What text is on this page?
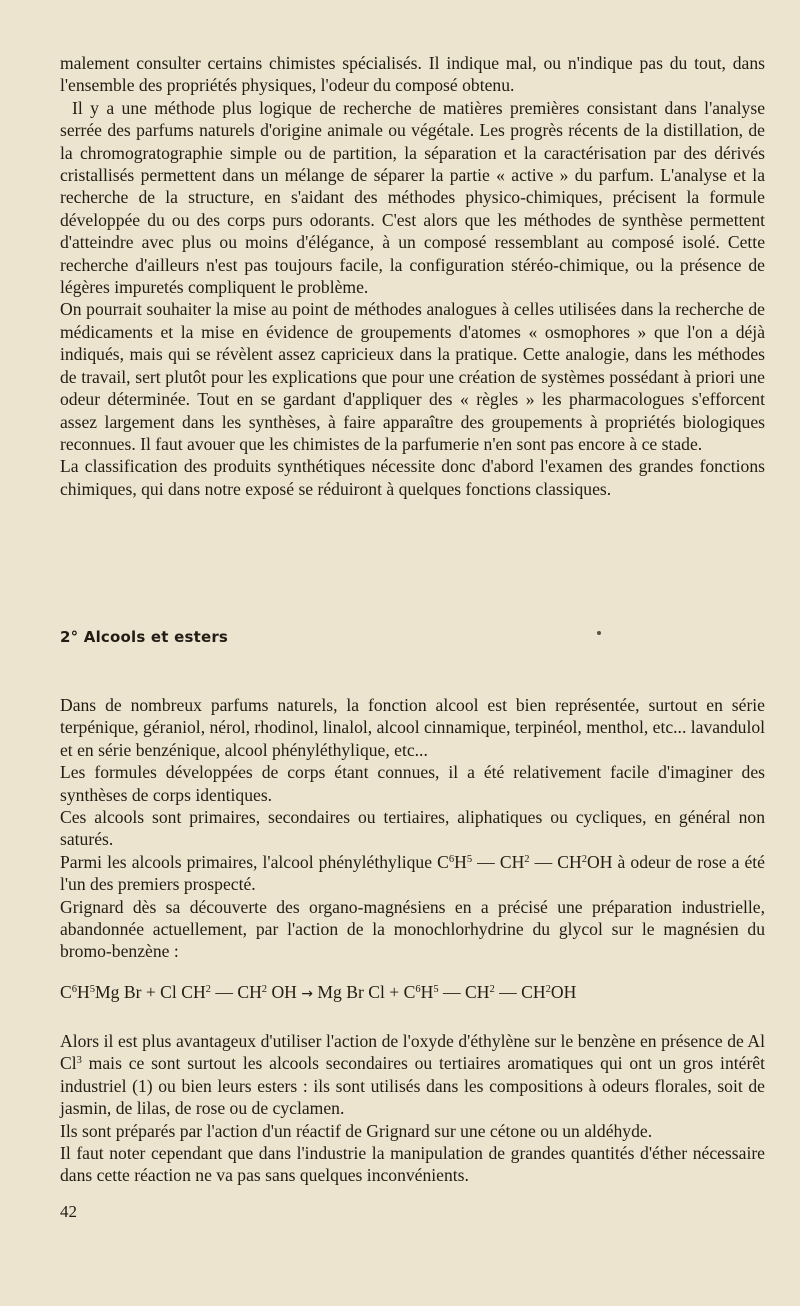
malement consulter certains chimistes spécialisés. Il indique mal, ou n'indique pas du tout, dans l'ensemble des propriétés physiques, l'odeur du composé obtenu.

Il y a une méthode plus logique de recherche de matières premières consistant dans l'analyse serrée des parfums naturels d'origine animale ou végétale. Les progrès récents de la distillation, de la chromogratographie simple ou de partition, la séparation et la caractérisation par des dérivés cristallisés permettent dans un mélange de séparer la partie « active » du parfum. L'analyse et la recherche de la structure, en s'aidant des méthodes physico-chimiques, précisent la formule développée du ou des corps purs odorants. C'est alors que les méthodes de synthèse permettent d'atteindre avec plus ou moins d'élégance, à un composé ressemblant au composé isolé. Cette recherche d'ailleurs n'est pas toujours facile, la configuration stéréo-chimique, ou la présence de légères impuretés compliquent le problème.

On pourrait souhaiter la mise au point de méthodes analogues à celles utilisées dans la recherche de médicaments et la mise en évidence de groupements d'atomes « osmophores » que l'on a déjà indiqués, mais qui se révèlent assez capricieux dans la pratique. Cette analogie, dans les méthodes de travail, sert plutôt pour les explications que pour une création de systèmes possédant à priori une odeur déterminée. Tout en se gardant d'appliquer des « règles » les pharmacologues s'efforcent assez largement dans les synthèses, à faire apparaître des groupements à propriétés biologiques reconnues. Il faut avouer que les chimistes de la parfumerie n'en sont pas encore à ce stade.

La classification des produits synthétiques nécessite donc d'abord l'examen des grandes fonctions chimiques, qui dans notre exposé se réduiront à quelques fonctions classiques.

2° Alcools et esters

Dans de nombreux parfums naturels, la fonction alcool est bien représentée, surtout en série terpénique, géraniol, nérol, rhodinol, linalol, alcool cinnamique, terpinéol, menthol, etc... lavandulol et en série benzénique, alcool phényléthylique, etc...

Les formules développées de corps étant connues, il a été relativement facile d'imaginer des synthèses de corps identiques.

Ces alcools sont primaires, secondaires ou tertiaires, aliphatiques ou cycliques, en général non saturés.

Parmi les alcools primaires, l'alcool phényléthylique $C^6H^5$ — $CH^2$ — $CH^2OH$ à odeur de rose a été l'un des premiers prospecté.

Grignard dès sa découverte des organo-magnésiens en a précisé une préparation industrielle, abandonnée actuellement, par l'action de la monochlorhydrine du glycol sur le magnésien du bromo-benzène :

$C^6H^5Mg$ Br + Cl $CH^2$ — $CH^2$ OH → Mg Br $Cl + C^6H^5$ — $CH^2$ — $CH^2OH$

Alors il est plus avantageux d'utiliser l'action de l'oxyde d'éthylène sur le benzène en présence de Al Cl$^3$ mais ce sont surtout les alcools secondaires ou tertiaires aromatiques qui ont un gros intérêt industriel (1) ou bien leurs esters : ils sont utilisés dans les compositions à odeurs florales, soit de jasmin, de lilas, de rose ou de cyclamen.

Ils sont préparés par l'action d'un réactif de Grignard sur une cétone ou un aldéhyde.

Il faut noter cependant que dans l'industrie la manipulation de grandes quantités d'éther nécessaire dans cette réaction ne va pas sans quelques inconvénients.

42
